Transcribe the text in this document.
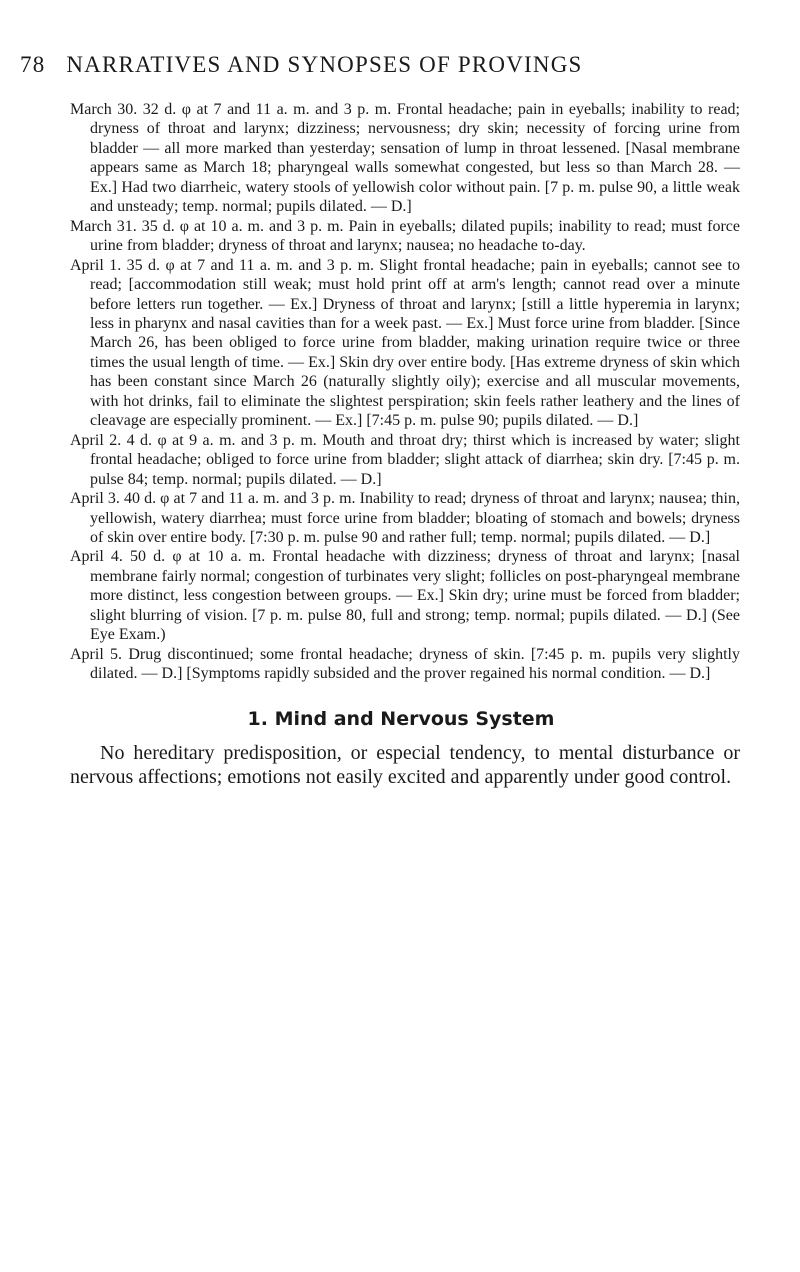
78 NARRATIVES AND SYNOPSES OF PROVINGS

March 30. 32 d. φ at 7 and 11 a. m. and 3 p. m. Frontal headache; pain in eyeballs; inability to read; dryness of throat and larynx; dizziness; nervousness; dry skin; necessity of forcing urine from bladder — all more marked than yesterday; sensation of lump in throat lessened. [Nasal membrane appears same as March 18; pharyngeal walls somewhat congested, but less so than March 28. — Ex.] Had two diarrheic, watery stools of yellowish color without pain. [7 p. m. pulse 90, a little weak and unsteady; temp. normal; pupils dilated. — D.]

March 31. 35 d. φ at 10 a. m. and 3 p. m. Pain in eyeballs; dilated pupils; inability to read; must force urine from bladder; dryness of throat and larynx; nausea; no headache to-day.

April 1. 35 d. φ at 7 and 11 a. m. and 3 p. m. Slight frontal headache; pain in eyeballs; cannot see to read; [accommodation still weak; must hold print off at arm's length; cannot read over a minute before letters run together. — Ex.] Dryness of throat and larynx; [still a little hyperemia in larynx; less in pharynx and nasal cavities than for a week past. — Ex.] Must force urine from bladder. [Since March 26, has been obliged to force urine from bladder, making urination require twice or three times the usual length of time. — Ex.] Skin dry over entire body. [Has extreme dryness of skin which has been constant since March 26 (naturally slightly oily); exercise and all muscular movements, with hot drinks, fail to eliminate the slightest perspiration; skin feels rather leathery and the lines of cleavage are especially prominent. — Ex.] [7:45 p. m. pulse 90; pupils dilated. — D.]

April 2. 4 d. φ at 9 a. m. and 3 p. m. Mouth and throat dry; thirst which is increased by water; slight frontal headache; obliged to force urine from bladder; slight attack of diarrhea; skin dry. [7:45 p. m. pulse 84; temp. normal; pupils dilated. — D.]

April 3. 40 d. φ at 7 and 11 a. m. and 3 p. m. Inability to read; dryness of throat and larynx; nausea; thin, yellowish, watery diarrhea; must force urine from bladder; bloating of stomach and bowels; dryness of skin over entire body. [7:30 p. m. pulse 90 and rather full; temp. normal; pupils dilated. — D.]

April 4. 50 d. φ at 10 a. m. Frontal headache with dizziness; dryness of throat and larynx; [nasal membrane fairly normal; congestion of turbinates very slight; follicles on post-pharyngeal membrane more distinct, less congestion between groups. — Ex.] Skin dry; urine must be forced from bladder; slight blurring of vision. [7 p. m. pulse 80, full and strong; temp. normal; pupils dilated. — D.] (See Eye Exam.)

April 5. Drug discontinued; some frontal headache; dryness of skin. [7:45 p. m. pupils very slightly dilated. — D.] [Symptoms rapidly subsided and the prover regained his normal condition. — D.]

1. Mind and Nervous System

No hereditary predisposition, or especial tendency, to mental disturbance or nervous affections; emotions not easily excited and apparently under good control.
